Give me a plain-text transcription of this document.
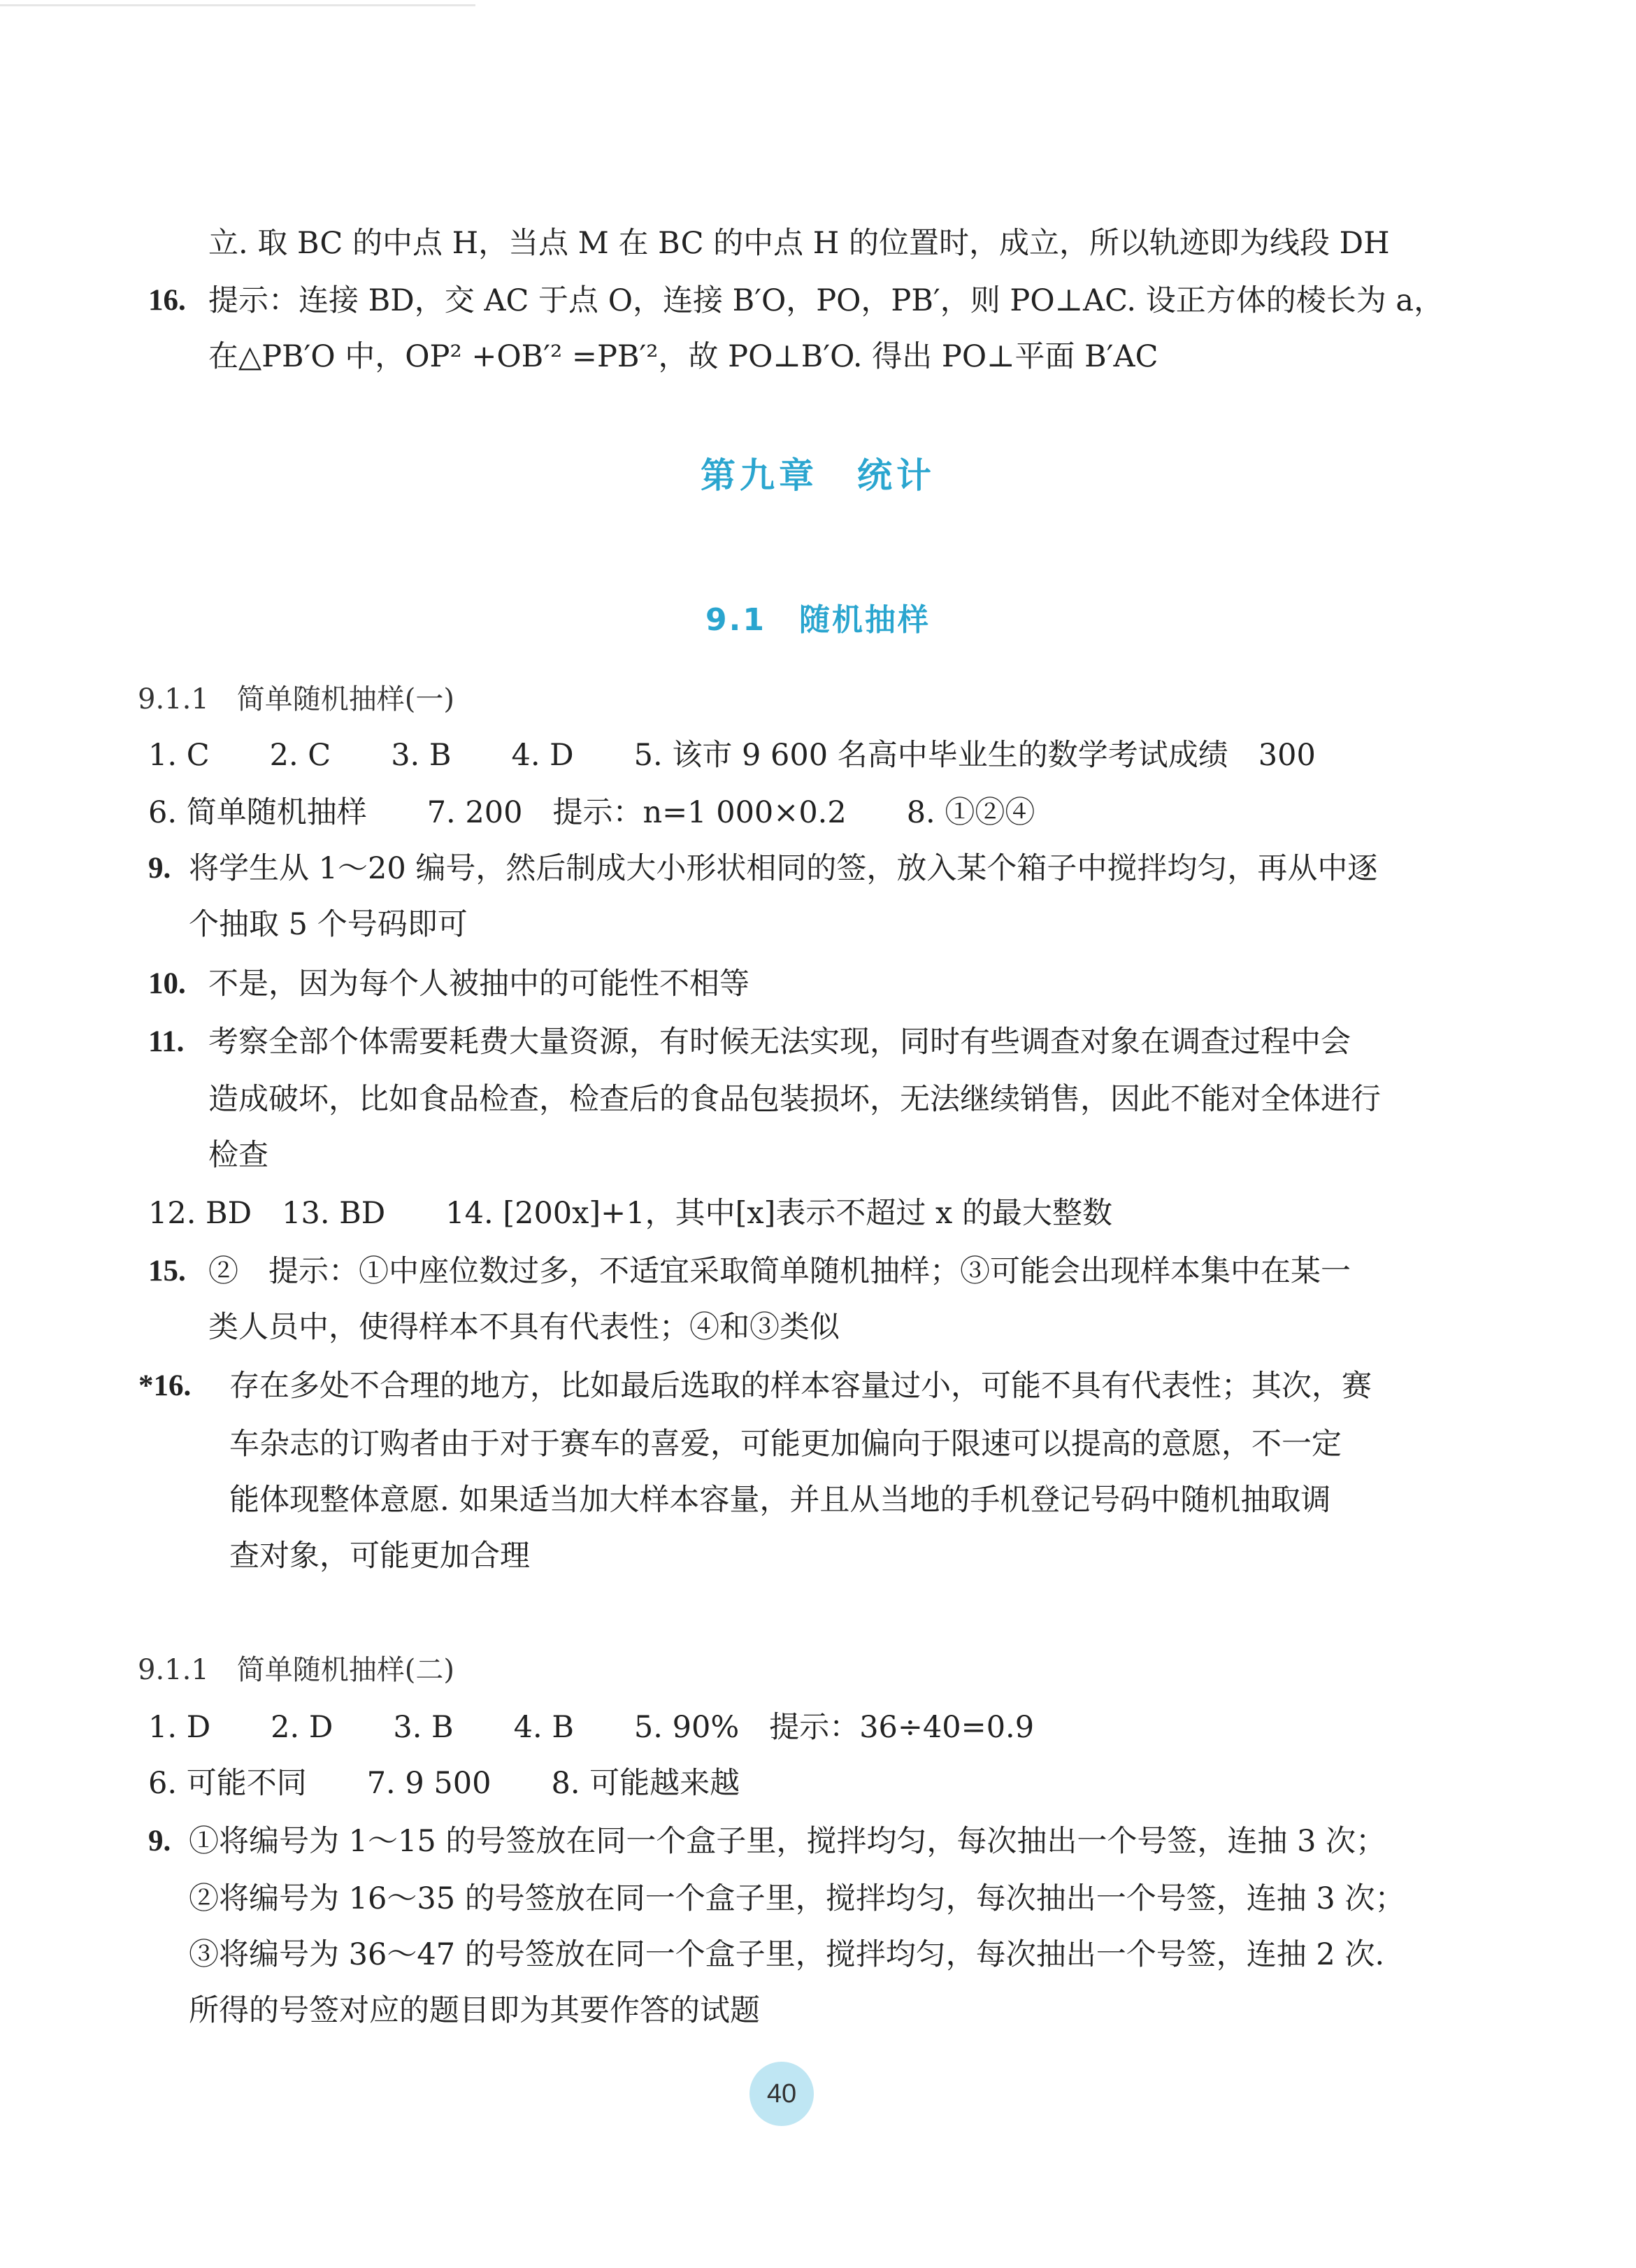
立. 取 BC 的中点 H，当点 M 在 BC 的中点 H 的位置时，成立，所以轨迹即为线段 DH
16. 提示：连接 BD，交 AC 于点 O，连接 B′O，PO，PB′，则 PO⊥AC. 设正方体的棱长为 a，
在△PB′O 中，OP² +OB′² =PB′²，故 PO⊥B′O. 得出 PO⊥平面 B′AC
第九章　统计
9.1　随机抽样
9.1.1　简单随机抽样(一)
1. C　　2. C　　3. B　　4. D　　5. 该市 9 600 名高中毕业生的数学考试成绩　300
6. 简单随机抽样　　7. 200　提示：n=1 000×0.2　　8. ①②④
9. 将学生从 1～20 编号，然后制成大小形状相同的签，放入某个箱子中搅拌均匀，再从中逐
个抽取 5 个号码即可
10. 不是，因为每个人被抽中的可能性不相等
11. 考察全部个体需要耗费大量资源，有时候无法实现，同时有些调查对象在调查过程中会
造成破坏，比如食品检查，检查后的食品包装损坏，无法继续销售，因此不能对全体进行
检查
12. BD　13. BD　　14. [200x]+1，其中[x]表示不超过 x 的最大整数
15. ②　提示：①中座位数过多，不适宜采取简单随机抽样；③可能会出现样本集中在某一
类人员中，使得样本不具有代表性；④和③类似
*16. 存在多处不合理的地方，比如最后选取的样本容量过小，可能不具有代表性；其次，赛
车杂志的订购者由于对于赛车的喜爱，可能更加偏向于限速可以提高的意愿，不一定
能体现整体意愿. 如果适当加大样本容量，并且从当地的手机登记号码中随机抽取调
查对象，可能更加合理
9.1.1　简单随机抽样(二)
1. D　　2. D　　3. B　　4. B　　5. 90%　提示：36÷40=0.9
6. 可能不同　　7. 9 500　　8. 可能越来越
9. ①将编号为 1～15 的号签放在同一个盒子里，搅拌均匀，每次抽出一个号签，连抽 3 次；
②将编号为 16～35 的号签放在同一个盒子里，搅拌均匀，每次抽出一个号签，连抽 3 次；
③将编号为 36～47 的号签放在同一个盒子里，搅拌均匀，每次抽出一个号签，连抽 2 次.
所得的号签对应的题目即为其要作答的试题
40
